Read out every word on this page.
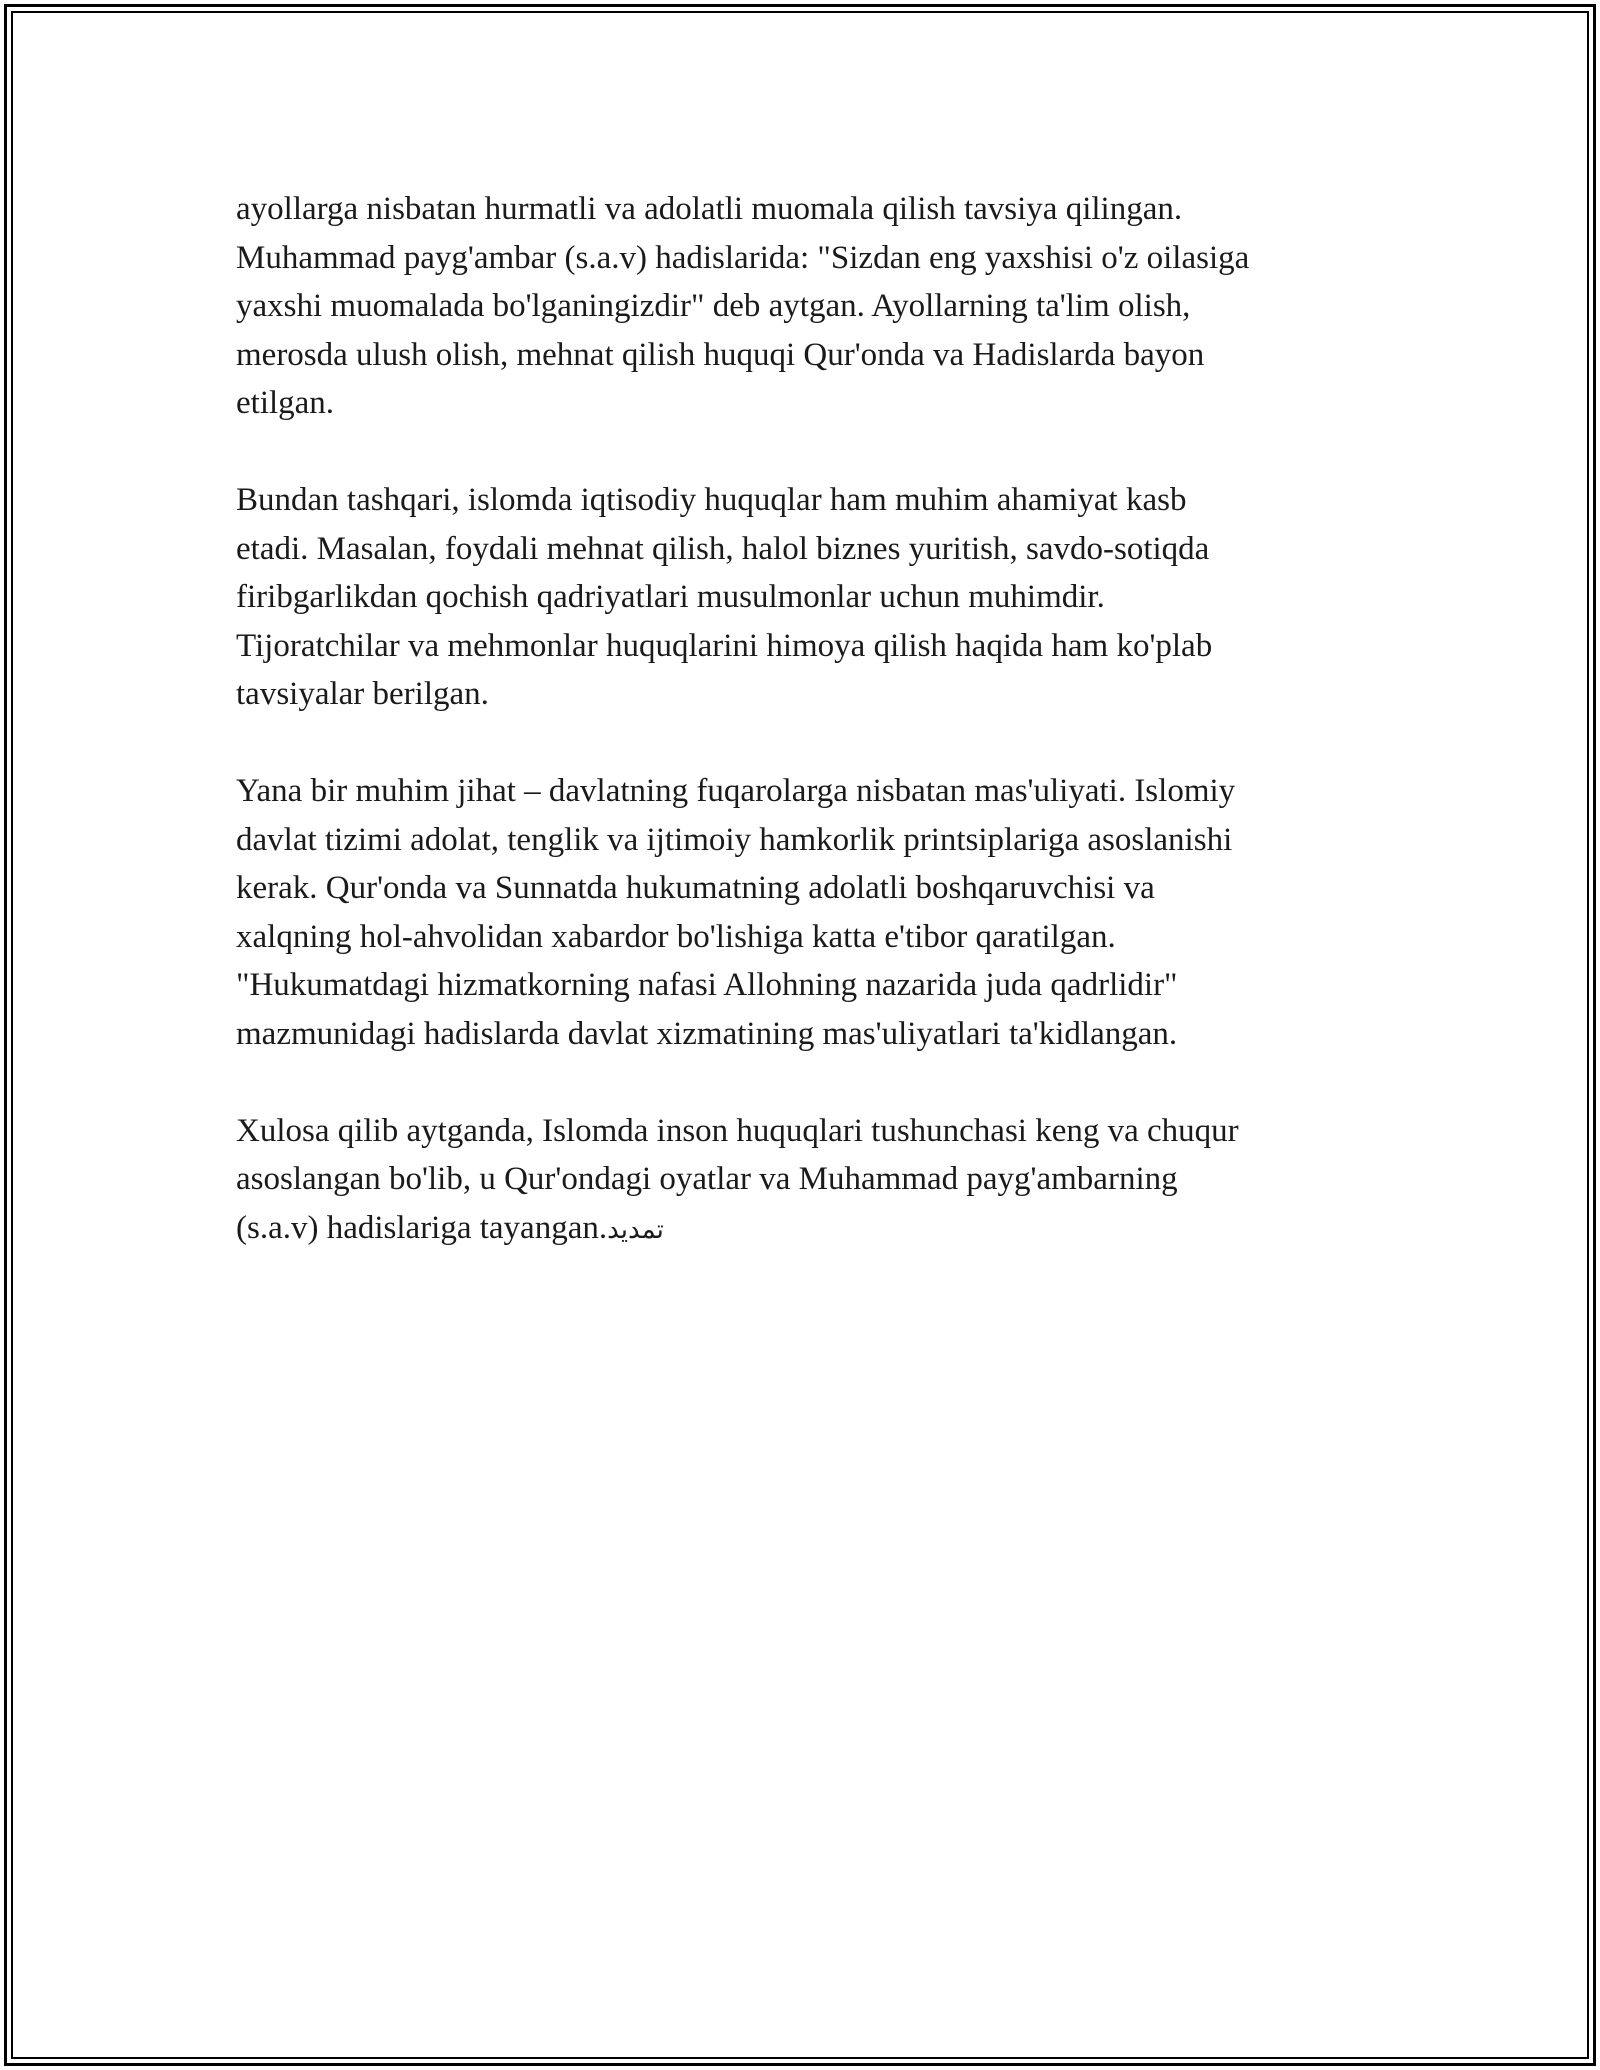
ayollarga nisbatan hurmatli va adolatli muomala qilish tavsiya qilingan.
Muhammad payg'ambar (s.a.v) hadislarida: "Sizdan eng yaxshisi o'z oilasiga
yaxshi muomalada bo'lganingizdir" deb aytgan. Ayollarning ta'lim olish,
merosda ulush olish, mehnat qilish huquqi Qur'onda va Hadislarda bayon
etilgan.

Bundan tashqari, islomda iqtisodiy huquqlar ham muhim ahamiyat kasb
etadi. Masalan, foydali mehnat qilish, halol biznes yuritish, savdo-sotiqda
firibgarlikdan qochish qadriyatlari musulmonlar uchun muhimdir.
Tijoratchilar va mehmonlar huquqlarini himoya qilish haqida ham ko'plab
tavsiyalar berilgan.

Yana bir muhim jihat – davlatning fuqarolarga nisbatan mas'uliyati. Islomiy
davlat tizimi adolat, tenglik va ijtimoiy hamkorlik printsiplariga asoslanishi
kerak. Qur'onda va Sunnatda hukumatning adolatli boshqaruvchisi va
xalqning hol-ahvolidan xabardor bo'lishiga katta e'tibor qaratilgan.
"Hukumatdagi hizmatkorning nafasi Allohning nazarida juda qadrlidir"
mazmunidagi hadislarda davlat xizmatining mas'uliyatlari ta'kidlangan.

Xulosa qilib aytganda, Islomda inson huquqlari tushunchasi keng va chuqur
asoslangan bo'lib, u Qur'ondagi oyatlar va Muhammad payg'ambarning
(s.a.v) hadislariga tayangan.تمديد
